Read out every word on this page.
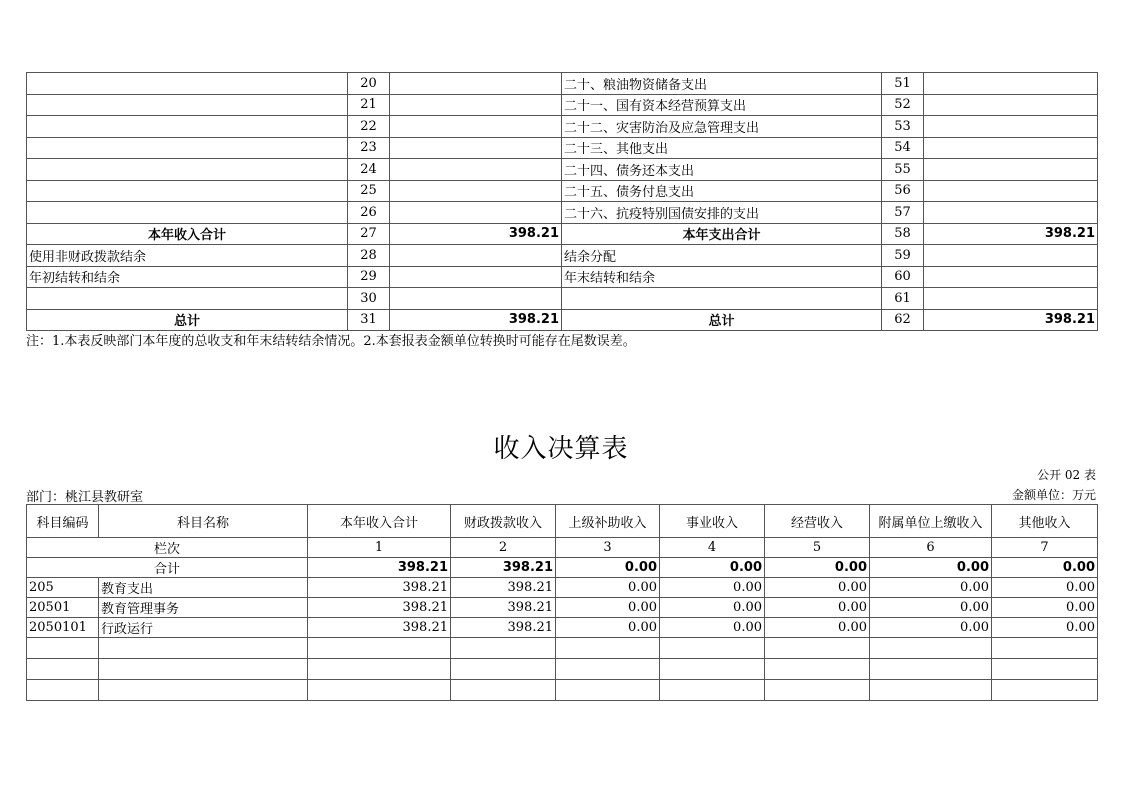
	20		二十、粮油物资储备支出	51	
	21		二十一、国有资本经营预算支出	52	
	22		二十二、灾害防治及应急管理支出	53	
	23		二十三、其他支出	54	
	24		二十四、债务还本支出	55	
	25		二十五、债务付息支出	56	
	26		二十六、抗疫特别国债安排的支出	57	
本年收入合计	27	398.21	本年支出合计	58	398.21
使用非财政拨款结余	28		结余分配	59	
年初结转和结余	29		年末结转和结余	60	
	30			61	
总计	31	398.21	总计	62	398.21
注：1.本表反映部门本年度的总收支和年末结转结余情况。2.本套报表金额单位转换时可能存在尾数误差。
收入决算表
公开 02 表
部门：桃江县教研室	金额单位：万元
科目编码	科目名称	本年收入合计	财政拨款收入	上级补助收入	事业收入	经营收入	附属单位上缴收入	其他收入
栏次		1	2	3	4	5	6	7
合计		398.21	398.21	0.00	0.00	0.00	0.00	0.00
205	教育支出	398.21	398.21	0.00	0.00	0.00	0.00	0.00
20501	教育管理事务	398.21	398.21	0.00	0.00	0.00	0.00	0.00
2050101	行政运行	398.21	398.21	0.00	0.00	0.00	0.00	0.00
